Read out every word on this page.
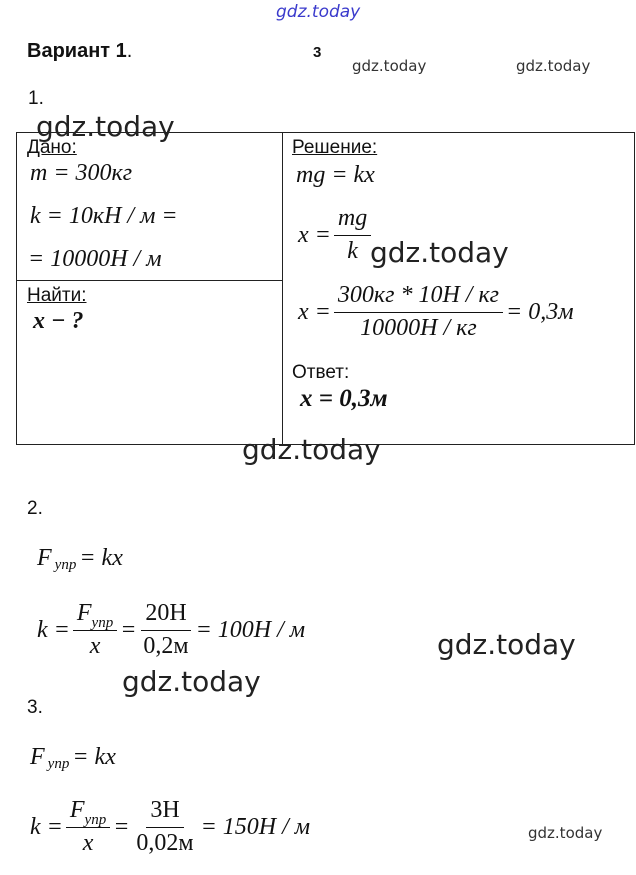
gdz.today
Вариант 1.	3
gdz.today	gdz.today
1.
gdz.today
Дано:
m = 300кг
k = 10кН / м =
= 10000Н / м
Найти:
x − ?
Решение:
mg = kx
$x = \frac{mg}{k}$
gdz.today
$x = \frac{300кг * 10Н / кг}{10000Н / кг} = 0,3м$
Ответ:
x = 0,3м
gdz.today
2.
F упр = kx
$k = \frac{F_{упр}}{x} = \frac{20Н}{0,2м} = 100Н / м$	gdz.today
gdz.today
3.
F упр = kx
$k = \frac{F_{упр}}{x} = \frac{3Н}{0,02м} = 150Н / м$	gdz.today
